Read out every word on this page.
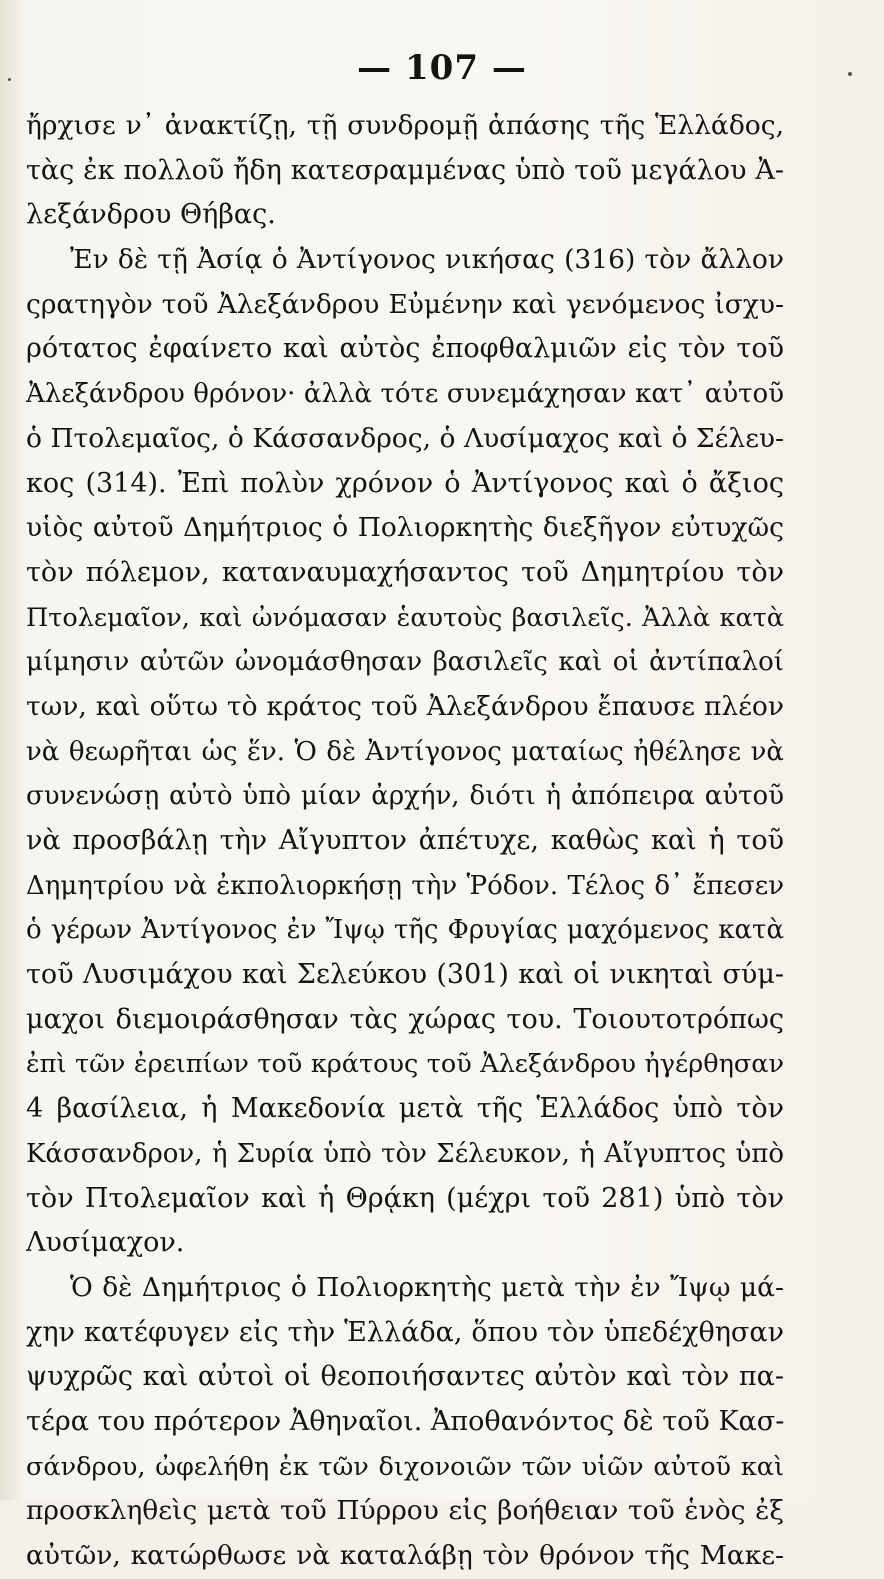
— 107 —
ἤρχισε ν᾽ ἀνακτίζῃ, τῇ συνδρομῇ ἁπάσης τῆς Ἑλλάδος,
τὰς ἐκ πολλοῦ ἤδη κατεσραμμένας ὑπὸ τοῦ μεγάλου Ἀ-
λεξάνδρου Θήβας.
Ἐν δὲ τῇ Ἀσίᾳ ὁ Ἀντίγονος νικήσας (316) τὸν ἄλλον
ςρατηγὸν τοῦ Ἀλεξάνδρου Εὐμένην καὶ γενόμενος ἰσχυ-
ρότατος ἐφαίνετο καὶ αὐτὸς ἐποφθαλμιῶν εἰς τὸν τοῦ
Ἀλεξάνδρου θρόνον· ἀλλὰ τότε συνεμάχησαν κατ᾽ αὐτοῦ
ὁ Πτολεμαῖος, ὁ Κάσσανδρος, ὁ Λυσίμαχος καὶ ὁ Σέλευ-
κος (314). Ἐπὶ πολὺν χρόνον ὁ Ἀντίγονος καὶ ὁ ἄξιος
υἱὸς αὐτοῦ Δημήτριος ὁ Πολιορκητὴς διεξῆγον εὐτυχῶς
τὸν πόλεμον, καταναυμαχήσαντος τοῦ Δημητρίου τὸν
Πτολεμαῖον, καὶ ὠνόμασαν ἑαυτοὺς βασιλεῖς. Ἀλλὰ κατὰ
μίμησιν αὐτῶν ὠνομάσθησαν βασιλεῖς καὶ οἱ ἀντίπαλοί
των, καὶ οὕτω τὸ κράτος τοῦ Ἀλεξάνδρου ἔπαυσε πλέον
νὰ θεωρῆται ὡς ἕν. Ὁ δὲ Ἀντίγονος ματαίως ἠθέλησε νὰ
συνενώσῃ αὐτὸ ὑπὸ μίαν ἀρχήν, διότι ἡ ἀπόπειρα αὐτοῦ
νὰ προσβάλῃ τὴν Αἴγυπτον ἀπέτυχε, καθὼς καὶ ἡ τοῦ
Δημητρίου νὰ ἐκπολιορκήσῃ τὴν Ῥόδον. Τέλος δ᾽ ἔπεσεν
ὁ γέρων Ἀντίγονος ἐν Ἴψῳ τῆς Φρυγίας μαχόμενος κατὰ
τοῦ Λυσιμάχου καὶ Σελεύκου (301) καὶ οἱ νικηταὶ σύμ-
μαχοι διεμοιράσθησαν τὰς χώρας του. Τοιουτοτρόπως
ἐπὶ τῶν ἐρειπίων τοῦ κράτους τοῦ Ἀλεξάνδρου ἠγέρθησαν
4 βασίλεια, ἡ Μακεδονία μετὰ τῆς Ἑλλάδος ὑπὸ τὸν
Κάσσανδρον, ἡ Συρία ὑπὸ τὸν Σέλευκον, ἡ Αἴγυπτος ὑπὸ
τὸν Πτολεμαῖον καὶ ἡ Θρᾴκη (μέχρι τοῦ 281) ὑπὸ τὸν
Λυσίμαχον.
Ὁ δὲ Δημήτριος ὁ Πολιορκητὴς μετὰ τὴν ἐν Ἴψῳ μά-
χην κατέφυγεν εἰς τὴν Ἑλλάδα, ὅπου τὸν ὑπεδέχθησαν
ψυχρῶς καὶ αὐτοὶ οἱ θεοποιήσαντες αὐτὸν καὶ τὸν πα-
τέρα του πρότερον Ἀθηναῖοι. Ἀποθανόντος δὲ τοῦ Κασ-
σάνδρου, ὠφελήθη ἐκ τῶν διχονοιῶν τῶν υἱῶν αὐτοῦ καὶ
προσκληθεὶς μετὰ τοῦ Πύρρου εἰς βοήθειαν τοῦ ἑνὸς ἐξ
αὐτῶν, κατώρθωσε νὰ καταλάβῃ τὸν θρόνον τῆς Μακε-
